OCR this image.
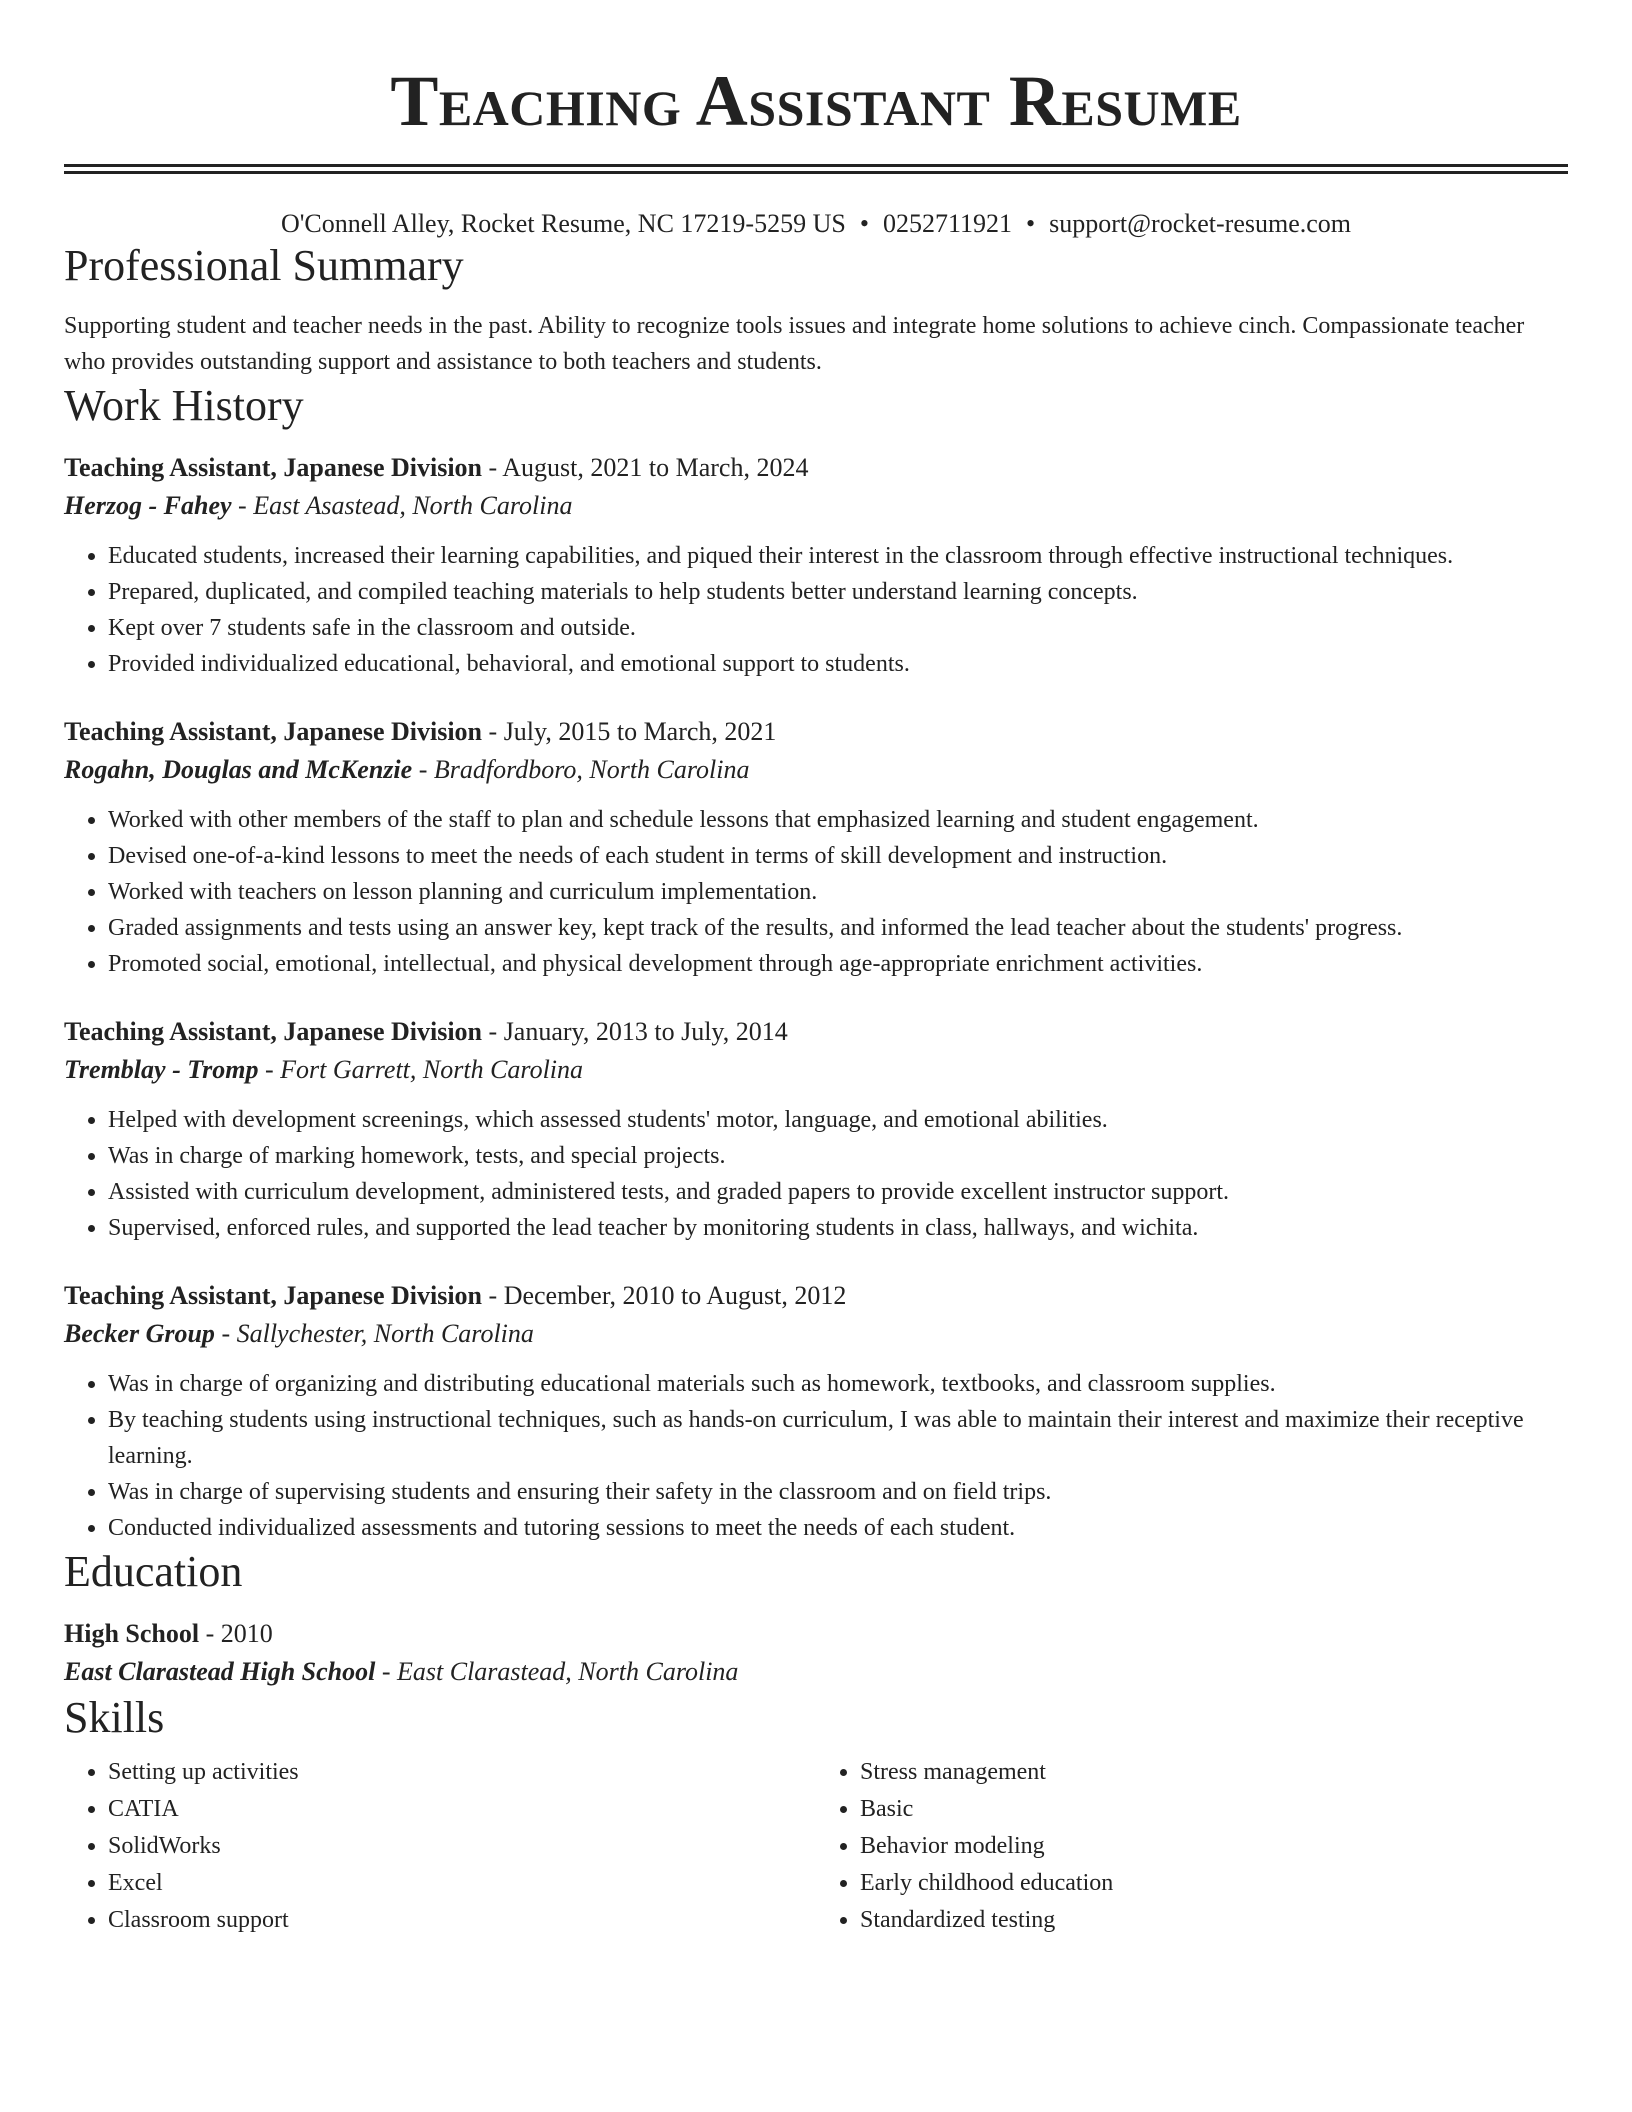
Teaching Assistant Resume
O'Connell Alley, Rocket Resume, NC 17219-5259 US • 0252711921 • support@rocket-resume.com
Professional Summary
Supporting student and teacher needs in the past. Ability to recognize tools issues and integrate home solutions to achieve cinch. Compassionate teacher who provides outstanding support and assistance to both teachers and students.
Work History
Teaching Assistant, Japanese Division - August, 2021 to March, 2024
Herzog - Fahey - East Asastead, North Carolina
• Educated students, increased their learning capabilities, and piqued their interest in the classroom through effective instructional techniques.
• Prepared, duplicated, and compiled teaching materials to help students better understand learning concepts.
• Kept over 7 students safe in the classroom and outside.
• Provided individualized educational, behavioral, and emotional support to students.
Teaching Assistant, Japanese Division - July, 2015 to March, 2021
Rogahn, Douglas and McKenzie - Bradfordboro, North Carolina
• Worked with other members of the staff to plan and schedule lessons that emphasized learning and student engagement.
• Devised one-of-a-kind lessons to meet the needs of each student in terms of skill development and instruction.
• Worked with teachers on lesson planning and curriculum implementation.
• Graded assignments and tests using an answer key, kept track of the results, and informed the lead teacher about the students' progress.
• Promoted social, emotional, intellectual, and physical development through age-appropriate enrichment activities.
Teaching Assistant, Japanese Division - January, 2013 to July, 2014
Tremblay - Tromp - Fort Garrett, North Carolina
• Helped with development screenings, which assessed students' motor, language, and emotional abilities.
• Was in charge of marking homework, tests, and special projects.
• Assisted with curriculum development, administered tests, and graded papers to provide excellent instructor support.
• Supervised, enforced rules, and supported the lead teacher by monitoring students in class, hallways, and wichita.
Teaching Assistant, Japanese Division - December, 2010 to August, 2012
Becker Group - Sallychester, North Carolina
• Was in charge of organizing and distributing educational materials such as homework, textbooks, and classroom supplies.
• By teaching students using instructional techniques, such as hands-on curriculum, I was able to maintain their interest and maximize their receptive learning.
• Was in charge of supervising students and ensuring their safety in the classroom and on field trips.
• Conducted individualized assessments and tutoring sessions to meet the needs of each student.
Education
High School - 2010
East Clarastead High School - East Clarastead, North Carolina
Skills
• Setting up activities
• CATIA
• SolidWorks
• Excel
• Classroom support
• Stress management
• Basic
• Behavior modeling
• Early childhood education
• Standardized testing
